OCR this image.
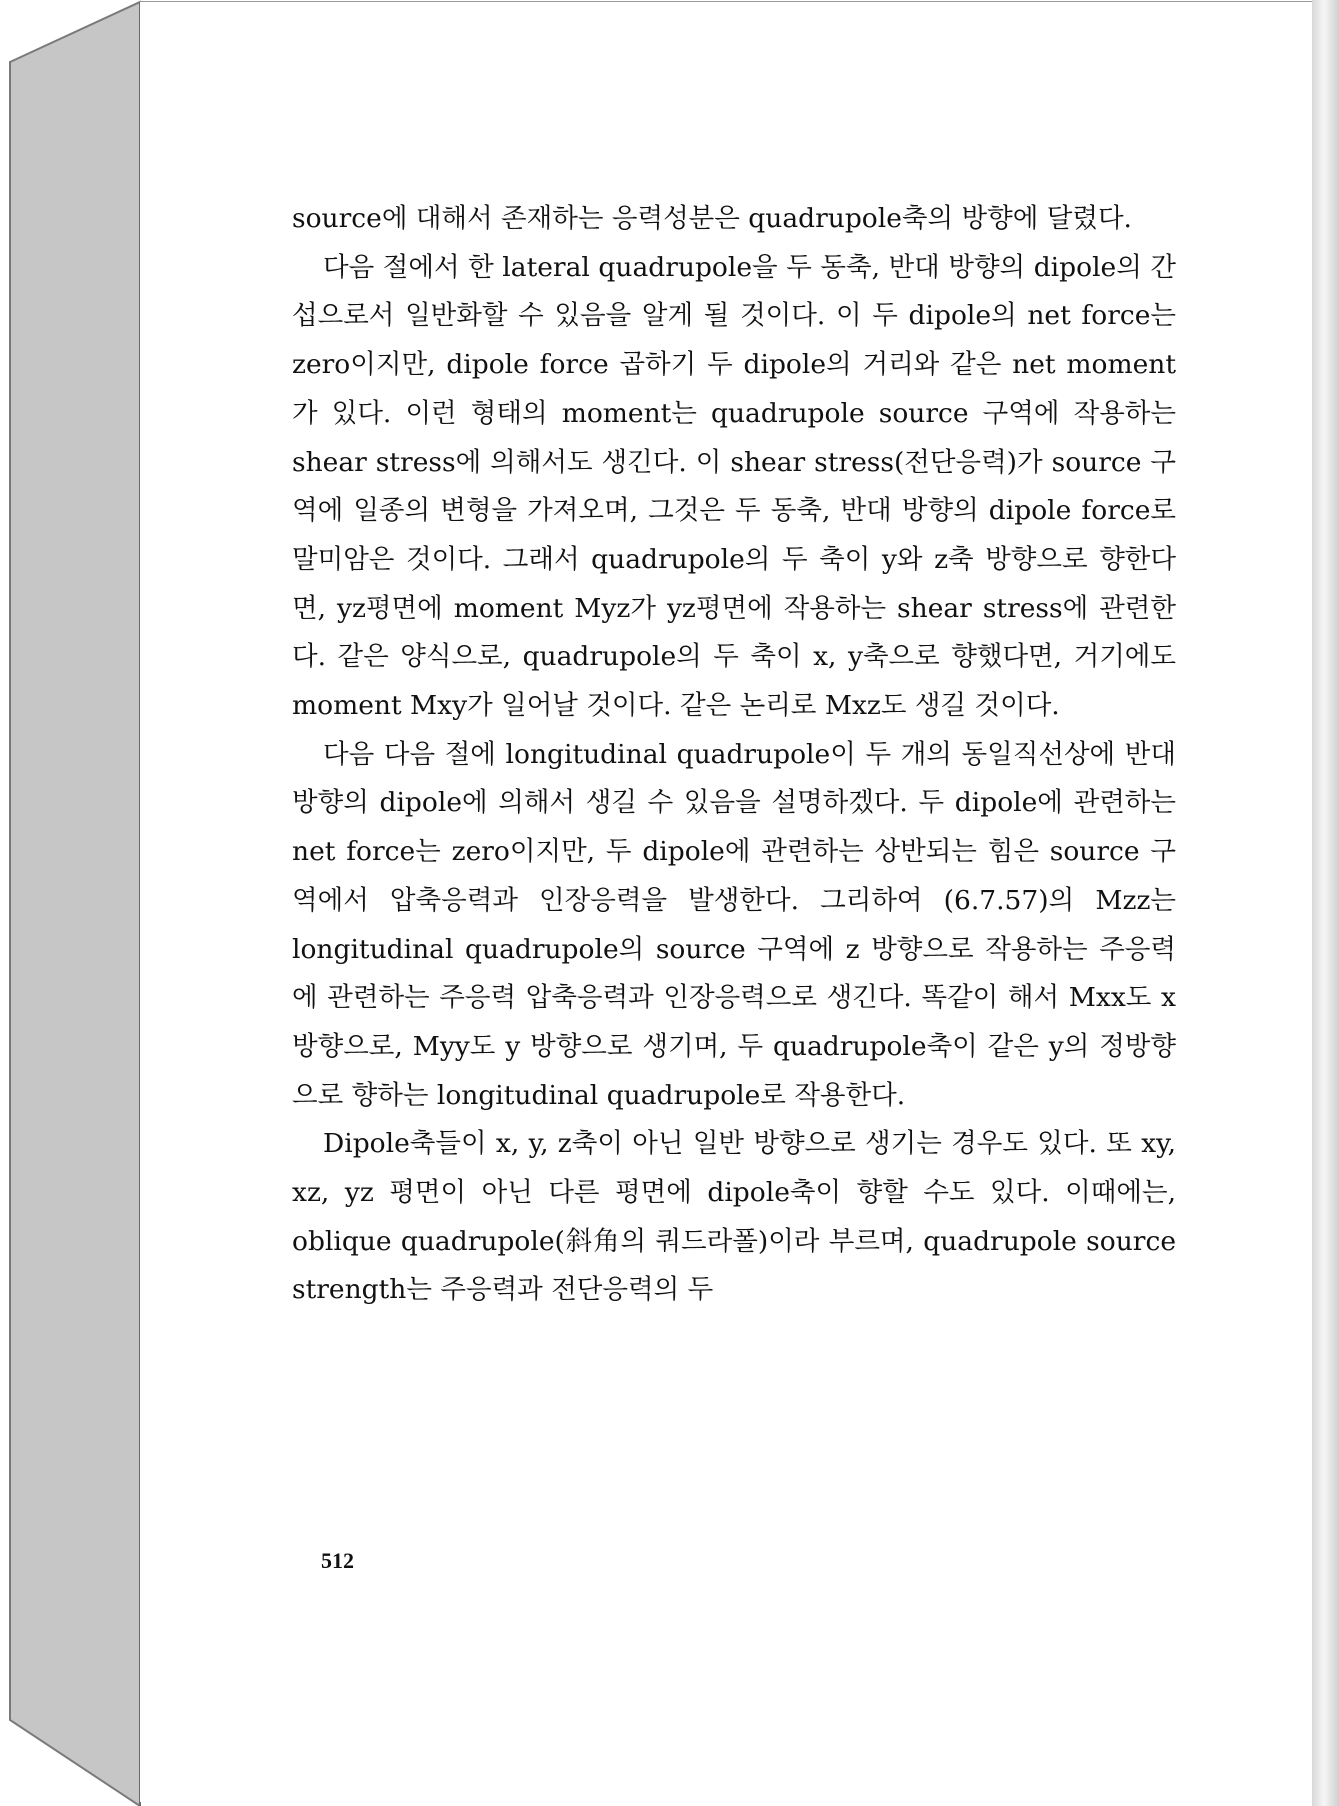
source에 대해서 존재하는 응력성분은 quadrupole축의 방향에 달렸다.

다음 절에서 한 lateral quadrupole을 두 동축, 반대 방향의 dipole의 간섭으로서 일반화할 수 있음을 알게 될 것이다. 이 두 dipole의 net force는 zero이지만, dipole force 곱하기 두 dipole의 거리와 같은 net moment가 있다. 이런 형태의 moment는 quadrupole source 구역에 작용하는 shear stress에 의해서도 생긴다. 이 shear stress(전단응력)가 source 구역에 일종의 변형을 가져오며, 그것은 두 동축, 반대 방향의 dipole force로 말미암은 것이다. 그래서 quadrupole의 두 축이 y와 z축 방향으로 향한다면, yz평면에 moment Myz가 yz평면에 작용하는 shear stress에 관련한다. 같은 양식으로, quadrupole의 두 축이 x, y축으로 향했다면, 거기에도 moment Mxy가 일어날 것이다. 같은 논리로 Mxz도 생길 것이다.

다음 다음 절에 longitudinal quadrupole이 두 개의 동일직선상에 반대 방향의 dipole에 의해서 생길 수 있음을 설명하겠다. 두 dipole에 관련하는 net force는 zero이지만, 두 dipole에 관련하는 상반되는 힘은 source 구역에서 압축응력과 인장응력을 발생한다. 그리하여 (6.7.57)의 Mzz는 longitudinal quadrupole의 source 구역에 z 방향으로 작용하는 주응력에 관련하는 주응력 압축응력과 인장응력으로 생긴다. 똑같이 해서 Mxx도 x 방향으로, Myy도 y 방향으로 생기며, 두 quadrupole축이 같은 y의 정방향으로 향하는 longitudinal quadrupole로 작용한다.

Dipole축들이 x, y, z축이 아닌 일반 방향으로 생기는 경우도 있다. 또 xy, xz, yz 평면이 아닌 다른 평면에 dipole축이 향할 수도 있다. 이때에는, oblique quadrupole(斜角의 쿼드라폴)이라 부르며, quadrupole source strength는 주응력과 전단응력의 두

512
